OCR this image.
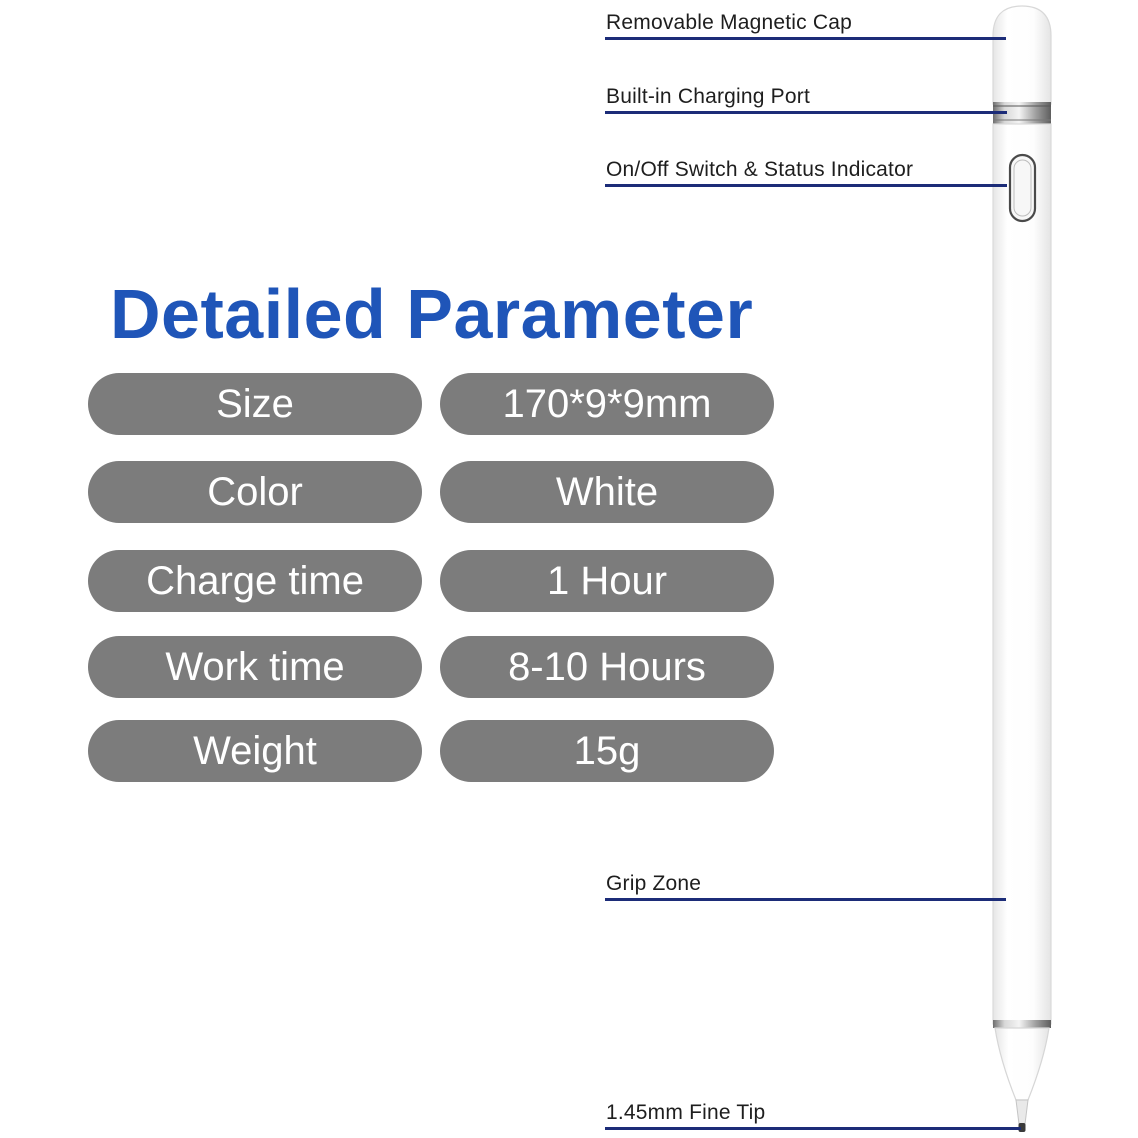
Detailed Parameter
Size	170*9*9mm
Color	White
Charge time	1 Hour
Work time	8-10 Hours
Weight	15g
Removable Magnetic Cap
Built-in Charging Port
On/Off Switch & Status Indicator
Grip Zone
1.45mm Fine Tip
